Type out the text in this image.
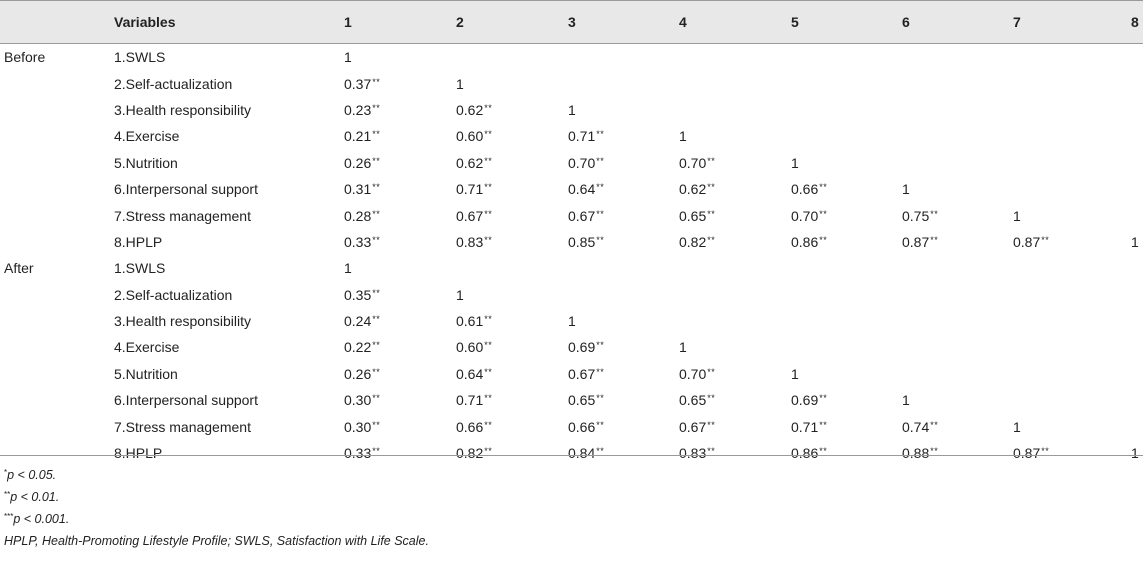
	Variables	1	2	3	4	5	6	7	8
Before	1.SWLS	1							
	2.Self-actualization	0.37**	1						
	3.Health responsibility	0.23**	0.62**	1					
	4.Exercise	0.21**	0.60**	0.71**	1				
	5.Nutrition	0.26**	0.62**	0.70**	0.70**	1			
	6.Interpersonal support	0.31**	0.71**	0.64**	0.62**	0.66**	1		
	7.Stress management	0.28**	0.67**	0.67**	0.65**	0.70**	0.75**	1	
	8.HPLP	0.33**	0.83**	0.85**	0.82**	0.86**	0.87**	0.87**	1
After	1.SWLS	1							
	2.Self-actualization	0.35**	1						
	3.Health responsibility	0.24**	0.61**	1					
	4.Exercise	0.22**	0.60**	0.69**	1				
	5.Nutrition	0.26**	0.64**	0.67**	0.70**	1			
	6.Interpersonal support	0.30**	0.71**	0.65**	0.65**	0.69**	1		
	7.Stress management	0.30**	0.66**	0.66**	0.67**	0.71**	0.74**	1	
	8.HPLP	0.33**	0.82**	0.84**	0.83**	0.86**	0.88**	0.87**	1
*p < 0.05.
**p < 0.01.
***p < 0.001.
HPLP, Health-Promoting Lifestyle Profile; SWLS, Satisfaction with Life Scale.
